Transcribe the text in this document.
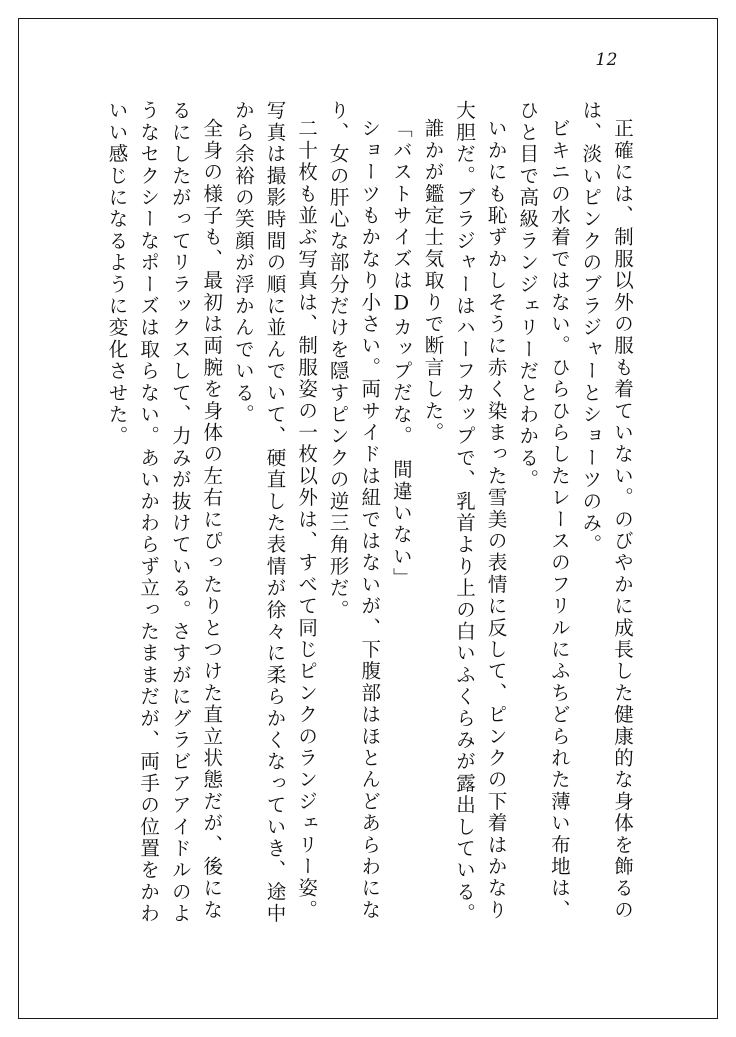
12
正確には、制服以外の服も着ていない。のびやかに成長した健康的な身体を飾るの
は、淡いピンクのブラジャーとショーツのみ。
ビキニの水着ではない。ひらひらしたレースのフリルにふちどられた薄い布地は、
ひと目で高級ランジェリーだとわかる。
いかにも恥ずかしそうに赤く染まった雪美の表情に反して、ピンクの下着はかなり
大胆だ。ブラジャーはハーフカップで、乳首より上の白いふくらみが露出している。
誰かが鑑定士気取りで断言した。
「バストサイズはDカップだな。　間違いない」
ショーツもかなり小さい。両サイドは紐ではないが、下腹部はほとんどあらわにな
り、女の肝心な部分だけを隠すピンクの逆三角形だ。
二十枚も並ぶ写真は、制服姿の一枚以外は、すべて同じピンクのランジェリー姿。
写真は撮影時間の順に並んでいて、硬直した表情が徐々に柔らかくなっていき、途中
から余裕の笑顔が浮かんでいる。
全身の様子も、最初は両腕を身体の左右にぴったりとつけた直立状態だが、後にな
るにしたがってリラックスして、力みが抜けている。さすがにグラビアアイドルのよ
うなセクシーなポーズは取らない。あいかわらず立ったままだが、両手の位置をかわ
いい感じになるように変化させた。
